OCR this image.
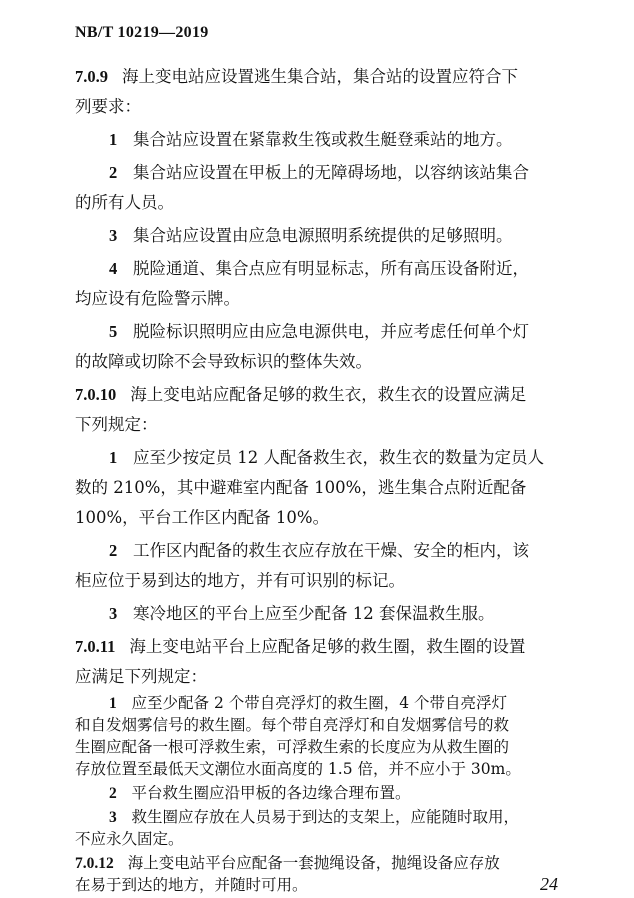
NB/T 10219—2019
7.0.9 海上变电站应设置逃生集合站，集合站的设置应符合下
列要求：
1 集合站应设置在紧靠救生筏或救生艇登乘站的地方。
2 集合站应设置在甲板上的无障碍场地，以容纳该站集合
的所有人员。
3 集合站应设置由应急电源照明系统提供的足够照明。
4 脱险通道、集合点应有明显标志，所有高压设备附近，
均应设有危险警示牌。
5 脱险标识照明应由应急电源供电，并应考虑任何单个灯
的故障或切除不会导致标识的整体失效。
7.0.10 海上变电站应配备足够的救生衣，救生衣的设置应满足
下列规定：
1 应至少按定员 12 人配备救生衣，救生衣的数量为定员人
数的 210%，其中避难室内配备 100%，逃生集合点附近配备
100%，平台工作区内配备 10%。
2 工作区内配备的救生衣应存放在干燥、安全的柜内，该
柜应位于易到达的地方，并有可识别的标记。
3 寒冷地区的平台上应至少配备 12 套保温救生服。
7.0.11 海上变电站平台上应配备足够的救生圈，救生圈的设置
应满足下列规定：
24
1 应至少配备 2 个带自亮浮灯的救生圈，4 个带自亮浮灯
和自发烟雾信号的救生圈。每个带自亮浮灯和自发烟雾信号的救
生圈应配备一根可浮救生索，可浮救生索的长度应为从救生圈的
存放位置至最低天文潮位水面高度的 1.5 倍，并不应小于 30m。
2 平台救生圈应沿甲板的各边缘合理布置。
3 救生圈应存放在人员易于到达的支架上，应能随时取用，
不应永久固定。
7.0.12 海上变电站平台应配备一套抛绳设备，抛绳设备应存放
在易于到达的地方，并随时可用。
